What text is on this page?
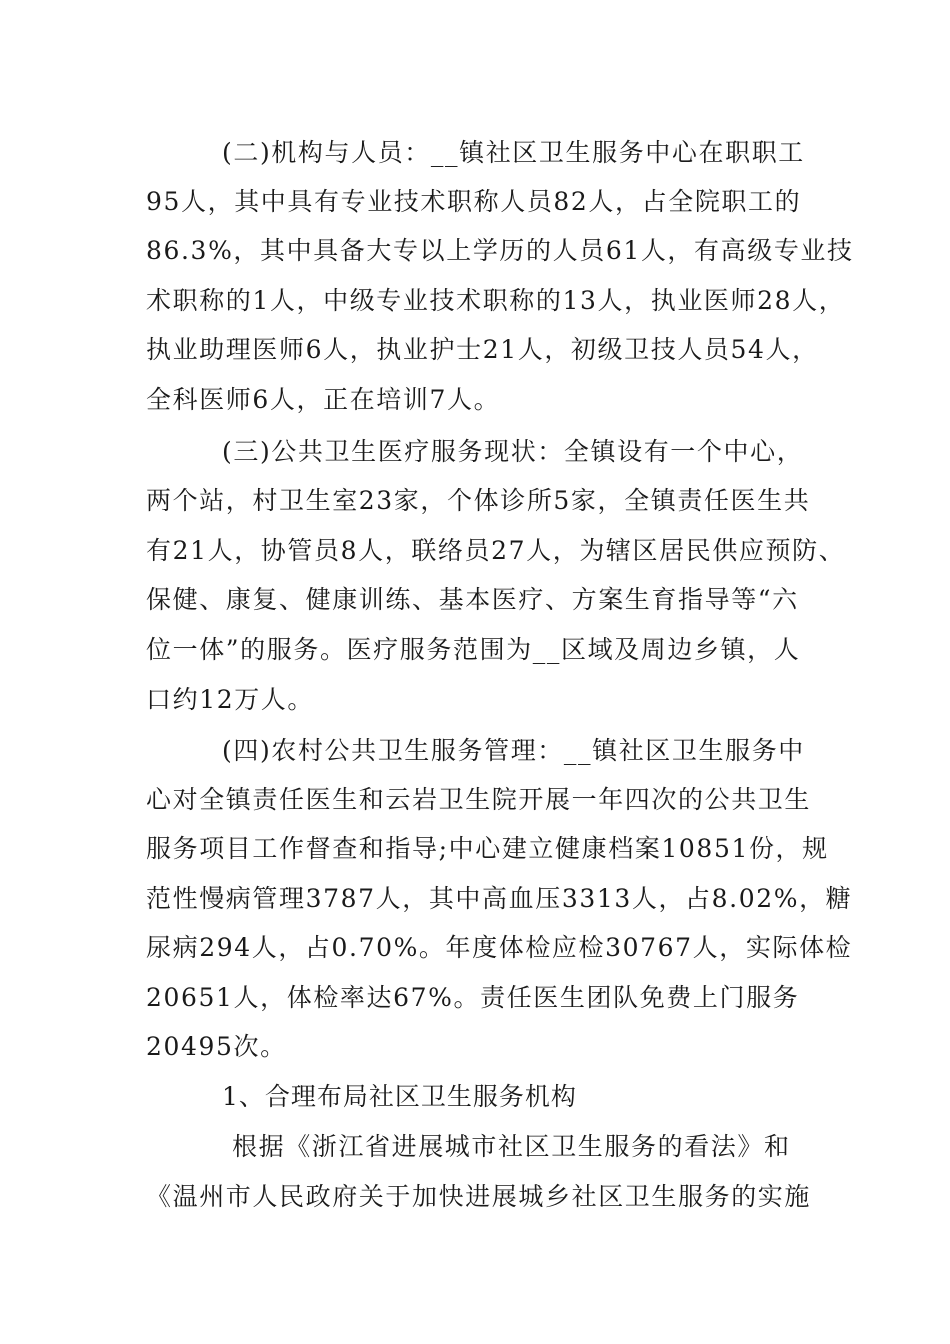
(二)机构与人员：__镇社区卫生服务中心在职职工
95人，其中具有专业技术职称人员82人，占全院职工的
86.3%，其中具备大专以上学历的人员61人，有高级专业技
术职称的1人，中级专业技术职称的13人，执业医师28人，
执业助理医师6人，执业护士21人，初级卫技人员54人，
全科医师6人，正在培训7人。
(三)公共卫生医疗服务现状：全镇设有一个中心，
两个站，村卫生室23家，个体诊所5家，全镇责任医生共
有21人，协管员8人，联络员27人，为辖区居民供应预防、
保健、康复、健康训练、基本医疗、方案生育指导等“六
位一体”的服务。医疗服务范围为__区域及周边乡镇，人
口约12万人。
(四)农村公共卫生服务管理：__镇社区卫生服务中
心对全镇责任医生和云岩卫生院开展一年四次的公共卫生
服务项目工作督查和指导;中心建立健康档案10851份，规
范性慢病管理3787人，其中高血压3313人，占8.02%，糖
尿病294人，占0.70%。年度体检应检30767人，实际体检
20651人，体检率达67%。责任医生团队免费上门服务
20495次。
1、合理布局社区卫生服务机构
根据《浙江省进展城市社区卫生服务的看法》和
《温州市人民政府关于加快进展城乡社区卫生服务的实施
